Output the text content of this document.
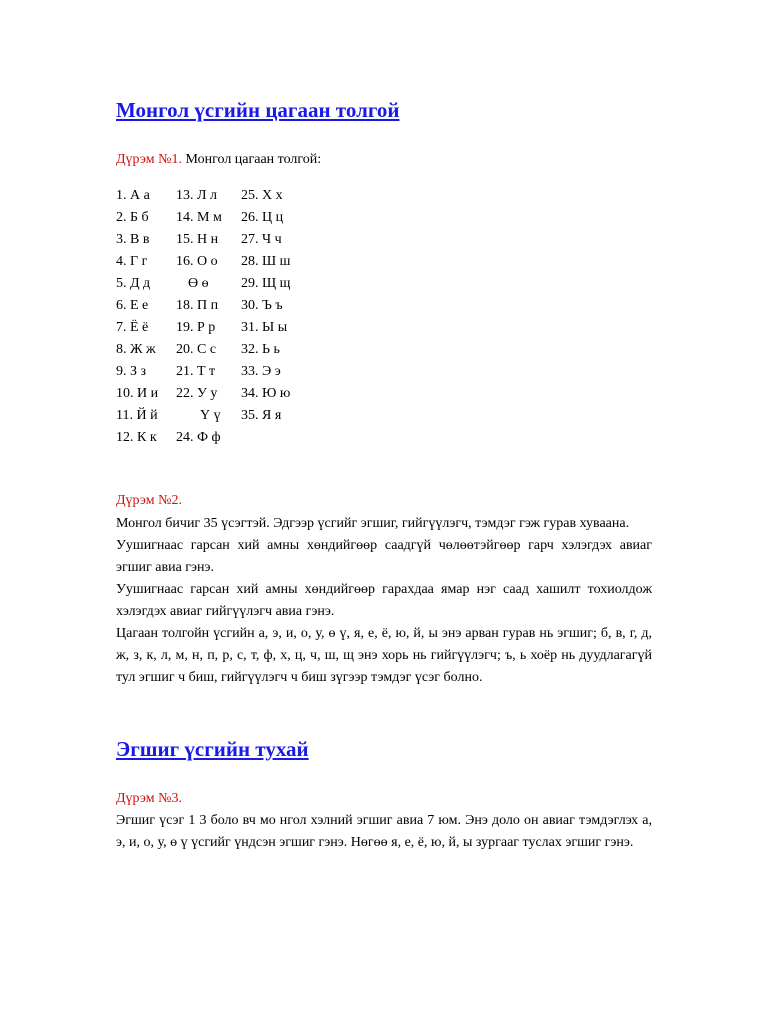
Монгол үсгийн цагаан толгой
Дүрэм №1. Монгол цагаан толгой:
1. А а
2. Б б
3. В в
4. Г г
5. Д д
6. Е е
7. Ё ё
8. Ж ж
9. З з
10. И и
11. Й й
12. К к
13. Л л
14. М м
15. Н н
16. О о
Ө ө
18. П п
19. Р р
20. С с
21. Т т
22. У у
Ү ү
24. Ф ф
25. Х х
26. Ц ц
27. Ч ч
28. Ш ш
29. Щ щ
30. Ъ ъ
31. Ы ы
32. Ь ь
33. Э э
34. Ю ю
35. Я я
Дүрэм №2.

Монгол бичиг 35 үсэгтэй. Эдгээр үсгийг эгшиг, гийгүүлэгч, тэмдэг гэж гурав хуваана.

Уушигнаас гарсан хий амны хөндийгөөр саадгүй чөлөөтэйгөөр гарч хэлэгдэх авиаг эгшиг авиа гэнэ.

Уушигнаас гарсан хий амны хөндийгөөр гарахдаа ямар нэг саад хашилт тохиолдож хэлэгдэх авиаг гийгүүлэгч авиа гэнэ.

Цагаан толгойн үсгийн а, э, и, о, у, ө ү, я, е, ё, ю, й, ы энэ арван гурав нь эгшиг; б, в, г, д, ж, з, к, л, м, н, п, р, с, т, ф, х, ц, ч, ш, щ энэ хорь нь гийгүүлэгч; ъ, ь хоёр нь дуудлагагүй тул эгшиг ч биш, гийгүүлэгч ч биш зүгээр тэмдэг үсэг болно.

Эгшиг үсгийн тухай
Дүрэм №3.

Эгшиг үсэг 1 3 боло вч мо нгол хэлний эгшиг авиа 7 юм. Энэ доло он авиаг тэмдэглэх а, э, и, о, у, ө ү үсгийг үндсэн эгшиг гэнэ. Нөгөө я, е, ё, ю, й, ы зургааг туслах эгшиг гэнэ.
